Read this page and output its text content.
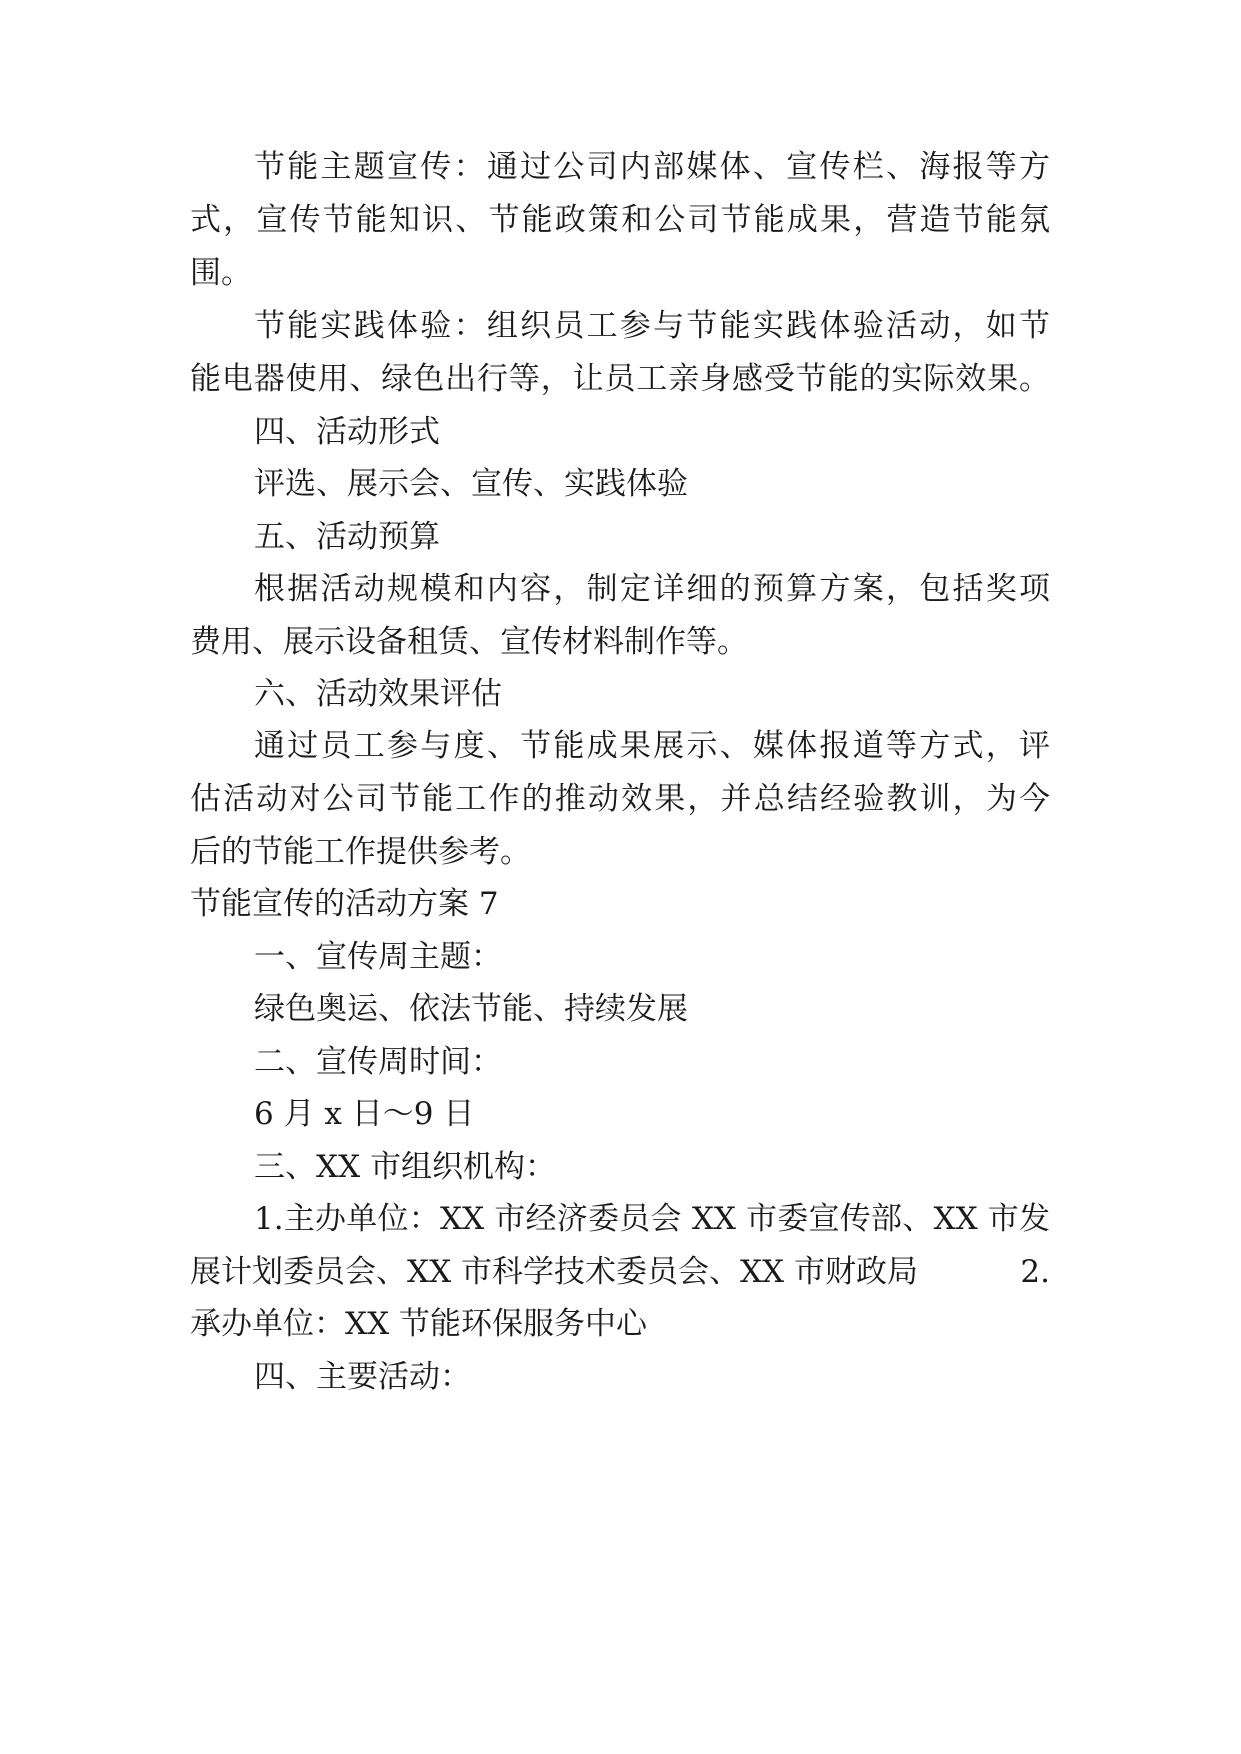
节能主题宣传：通过公司内部媒体、宣传栏、海报等方
式，宣传节能知识、节能政策和公司节能成果，营造节能氛
围。
节能实践体验：组织员工参与节能实践体验活动，如节
能电器使用、绿色出行等，让员工亲身感受节能的实际效果。
四、活动形式
评选、展示会、宣传、实践体验
五、活动预算
根据活动规模和内容，制定详细的预算方案，包括奖项
费用、展示设备租赁、宣传材料制作等。
六、活动效果评估
通过员工参与度、节能成果展示、媒体报道等方式，评
估活动对公司节能工作的推动效果，并总结经验教训，为今
后的节能工作提供参考。
节能宣传的活动方案 7
一、宣传周主题：
绿色奥运、依法节能、持续发展
二、宣传周时间：
6 月 x 日～9 日
三、XX 市组织机构：
1.主办单位：XX 市经济委员会 XX 市委宣传部、XX 市发
展计划委员会、XX 市科学技术委员会、XX 市财政局	2.
承办单位：XX 节能环保服务中心
四、主要活动：
